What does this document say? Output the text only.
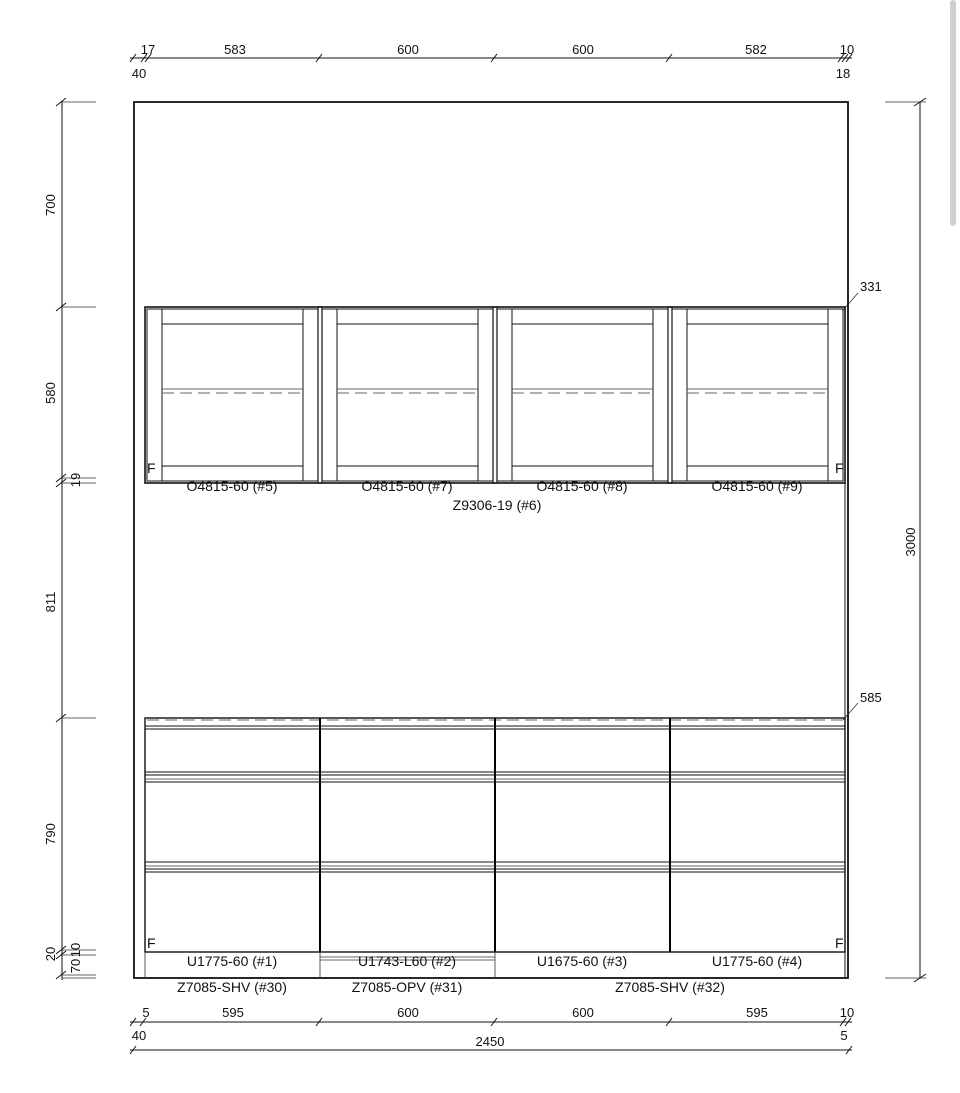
17	583	600	600	582	10
40	18
700
580
19
811
790
20
70
10
3000
331
585
F	F
O4815-60 (#5)	O4815-60 (#7)	O4815-60 (#8)	O4815-60 (#9)
Z9306-19 (#6)
F	F
U1775-60 (#1)	U1743-L60 (#2)	U1675-60 (#3)	U1775-60 (#4)
Z7085-SHV (#30)	Z7085-OPV (#31)	Z7085-SHV (#32)
5	595	600	600	595	10
40	5
2450
